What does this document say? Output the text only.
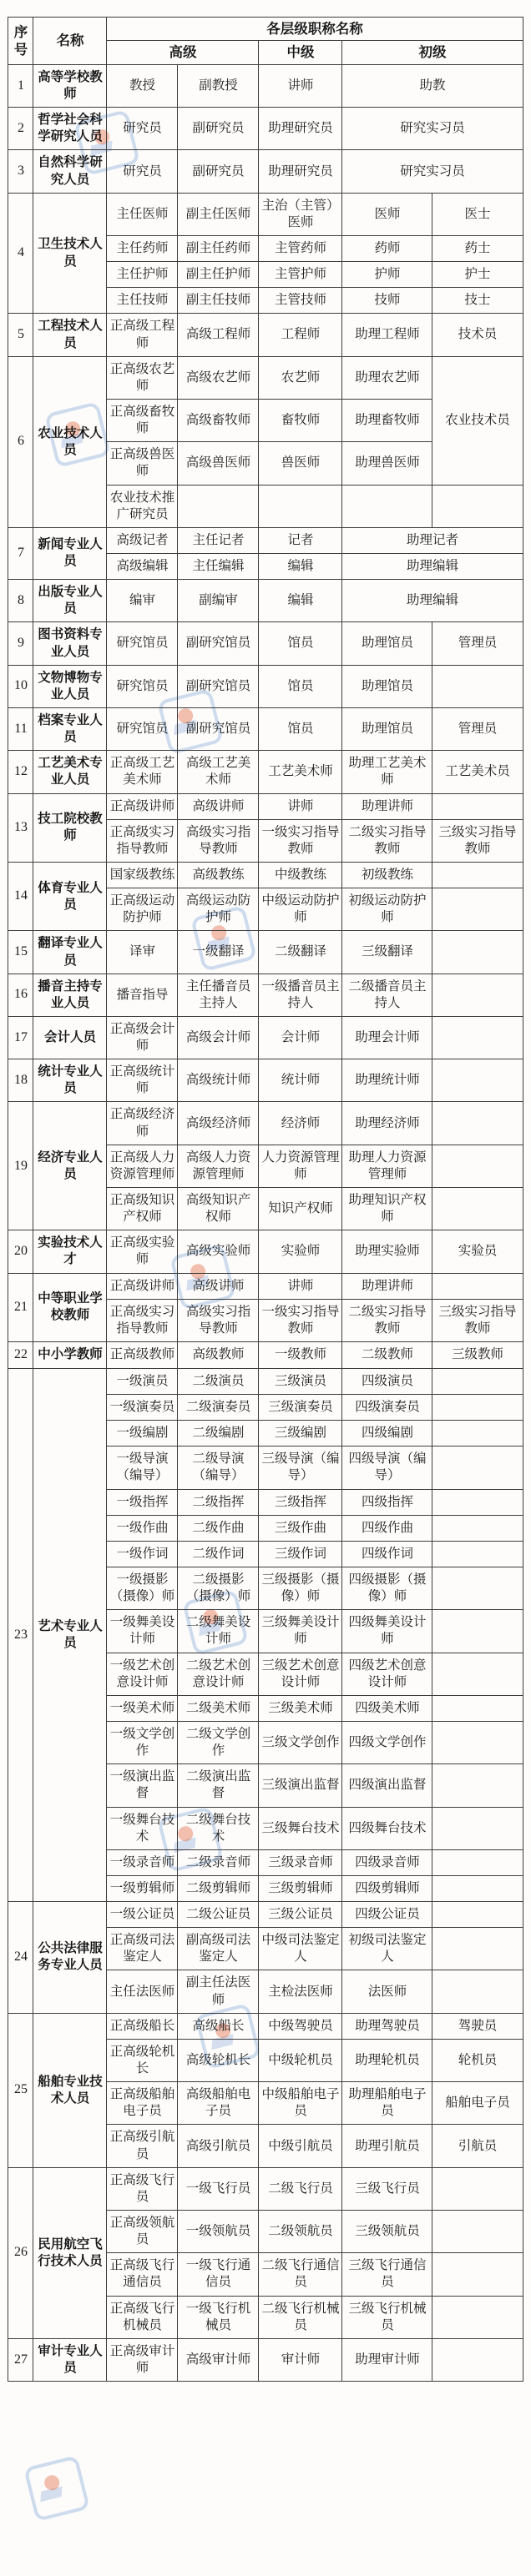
序号	名称	各层级职称名称				
		高级		中级	初级	
1	高等学校教师	教授	副教授	讲师	助教	
2	哲学社会科学研究人员	研究员	副研究员	助理研究员	研究实习员	
3	自然科学研究人员	研究员	副研究员	助理研究员	研究实习员	
4	卫生技术人员	主任医师	副主任医师	主治（主管）医师	医师	医士
		主任药师	副主任药师	主管药师	药师	药士
		主任护师	副主任护师	主管护师	护师	护士
		主任技师	副主任技师	主管技师	技师	技士
5	工程技术人员	正高级工程师	高级工程师	工程师	助理工程师	技术员
6	农业技术人员	正高级农艺师	高级农艺师	农艺师	助理农艺师	农业技术员
		正高级畜牧师	高级畜牧师	畜牧师	助理畜牧师	
		正高级兽医师	高级兽医师	兽医师	助理兽医师	
		农业技术推广研究员				
7	新闻专业人员	高级记者	主任记者	记者	助理记者	
		高级编辑	主任编辑	编辑	助理编辑	
8	出版专业人员	编审	副编审	编辑	助理编辑	
9	图书资料专业人员	研究馆员	副研究馆员	馆员	助理馆员	管理员
10	文物博物专业人员	研究馆员	副研究馆员	馆员	助理馆员	
11	档案专业人员	研究馆员	副研究馆员	馆员	助理馆员	管理员
12	工艺美术专业人员	正高级工艺美术师	高级工艺美术师	工艺美术师	助理工艺美术师	工艺美术员
13	技工院校教师	正高级讲师	高级讲师	讲师	助理讲师	
		正高级实习指导教师	高级实习指导教师	一级实习指导教师	二级实习指导教师	三级实习指导教师
14	体育专业人员	国家级教练	高级教练	中级教练	初级教练	
		正高级运动防护师	高级运动防护师	中级运动防护师	初级运动防护师	
15	翻译专业人员	译审	一级翻译	二级翻译	三级翻译	
16	播音主持专业人员	播音指导	主任播音员主持人	一级播音员主持人	二级播音员主持人	
17	会计人员	正高级会计师	高级会计师	会计师	助理会计师	
18	统计专业人员	正高级统计师	高级统计师	统计师	助理统计师	
19	经济专业人员	正高级经济师	高级经济师	经济师	助理经济师	
		正高级人力资源管理师	高级人力资源管理师	人力资源管理师	助理人力资源管理师	
		正高级知识产权师	高级知识产权师	知识产权师	助理知识产权师	
20	实验技术人才	正高级实验师	高级实验师	实验师	助理实验师	实验员
21	中等职业学校教师	正高级讲师	高级讲师	讲师	助理讲师	
		正高级实习指导教师	高级实习指导教师	一级实习指导教师	二级实习指导教师	三级实习指导教师
22	中小学教师	正高级教师	高级教师	一级教师	二级教师	三级教师
23	艺术专业人员	一级演员	二级演员	三级演员	四级演员	
		一级演奏员	二级演奏员	三级演奏员	四级演奏员	
		一级编剧	二级编剧	三级编剧	四级编剧	
		一级导演（编导）	二级导演（编导）	三级导演（编导）	四级导演（编导）	
		一级指挥	二级指挥	三级指挥	四级指挥	
		一级作曲	二级作曲	三级作曲	四级作曲	
		一级作词	二级作词	三级作词	四级作词	
		一级摄影（摄像）师	二级摄影（摄像）师	三级摄影（摄像）师	四级摄影（摄像）师	
		一级舞美设计师	二级舞美设计师	三级舞美设计师	四级舞美设计师	
		一级艺术创意设计师	二级艺术创意设计师	三级艺术创意设计师	四级艺术创意设计师	
		一级美术师	二级美术师	三级美术师	四级美术师	
		一级文学创作	二级文学创作	三级文学创作	四级文学创作	
		一级演出监督	二级演出监督	三级演出监督	四级演出监督	
		一级舞台技术	二级舞台技术	三级舞台技术	四级舞台技术	
		一级录音师	二级录音师	三级录音师	四级录音师	
		一级剪辑师	二级剪辑师	三级剪辑师	四级剪辑师	
24	公共法律服务专业人员	一级公证员	二级公证员	三级公证员	四级公证员	
		正高级司法鉴定人	副高级司法鉴定人	中级司法鉴定人	初级司法鉴定人	
		主任法医师	副主任法医师	主检法医师	法医师	
25	船舶专业技术人员	正高级船长	高级船长	中级驾驶员	助理驾驶员	驾驶员
		正高级轮机长	高级轮机长	中级轮机员	助理轮机员	轮机员
		正高级船舶电子员	高级船舶电子员	中级船舶电子员	助理船舶电子员	船舶电子员
		正高级引航员	高级引航员	中级引航员	助理引航员	引航员
26	民用航空飞行技术人员	正高级飞行员	一级飞行员	二级飞行员	三级飞行员	
		正高级领航员	一级领航员	二级领航员	三级领航员	
		正高级飞行通信员	一级飞行通信员	二级飞行通信员	三级飞行通信员	
		正高级飞行机械员	一级飞行机械员	二级飞行机械员	三级飞行机械员	
27	审计专业人员	正高级审计师	高级审计师	审计师	助理审计师	
